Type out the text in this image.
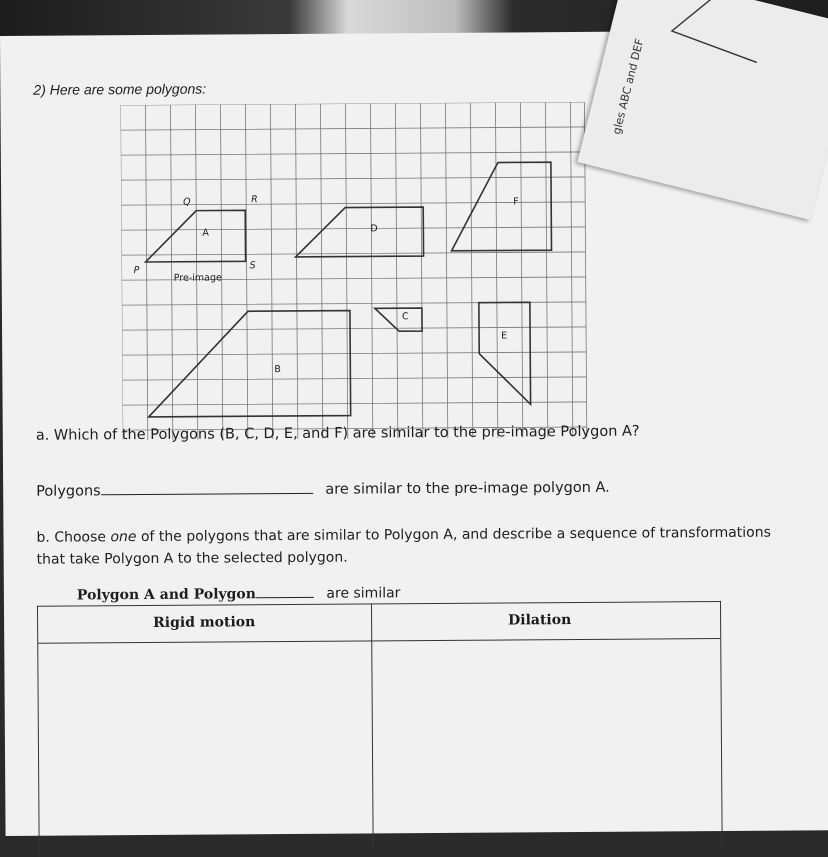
2) Here are some polygons:
Q	R
P	S
A
Pre-image
B
C
D
E
F
a. Which of the Polygons (B, C, D, E, and F) are similar to the pre-image Polygon A?
Polygons	are similar to the pre-image polygon A.
b. Choose one of the polygons that are similar to Polygon A, and describe a sequence of transformations
that take Polygon A to the selected polygon.
Polygon A and Polygon	are similar
Rigid motion	Dilation
gles ABC and DEF
